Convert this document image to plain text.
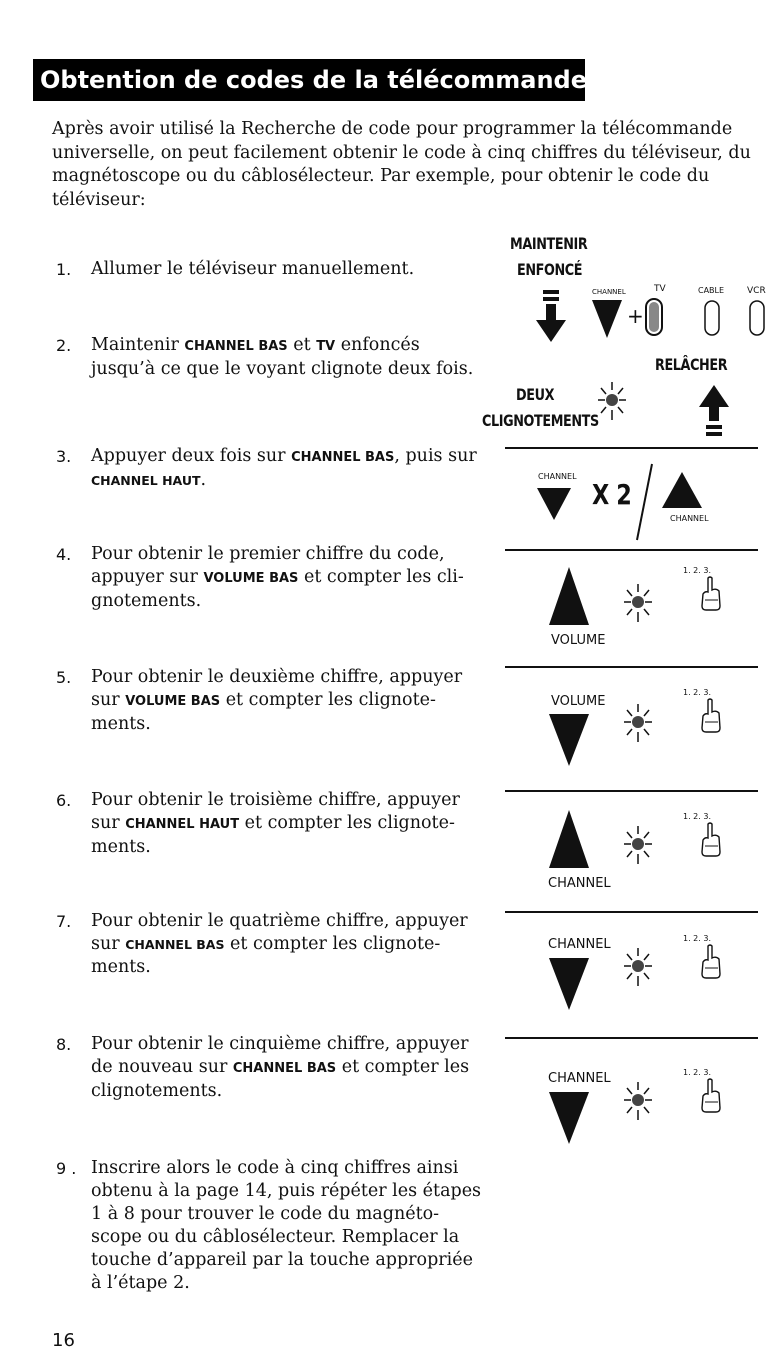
Obtention de codes de la télécommande

Après avoir utilisé la Recherche de code pour programmer la télécommande universelle, on peut facilement obtenir le code à cinq chiffres du téléviseur, du magnétoscope ou du câblosélecteur. Par exemple, pour obtenir le code du téléviseur:

1. Allumer le téléviseur manuellement.
2. Maintenir CHANNEL BAS et TV enfoncés jusqu’à ce que le voyant clignote deux fois.
3. Appuyer deux fois sur CHANNEL BAS, puis sur CHANNEL HAUT.
4. Pour obtenir le premier chiffre du code, appuyer sur VOLUME BAS et compter les clignotements.
5. Pour obtenir le deuxième chiffre, appuyer sur VOLUME BAS et compter les clignotements.
6. Pour obtenir le troisième chiffre, appuyer sur CHANNEL HAUT et compter les clignotements.
7. Pour obtenir le quatrième chiffre, appuyer sur CHANNEL BAS et compter les clignotements.
8. Pour obtenir le cinquième chiffre, appuyer de nouveau sur CHANNEL BAS et compter les clignotements.
9 . Inscrire alors le code à cinq chiffres ainsi obtenu à la page 14, puis répéter les étapes 1 à 8 pour trouver le code du magnétoscope ou du câblosélecteur. Remplacer la touche d’appareil par la touche appropriée à l’étape 2.
MAINTENIR
ENFONCÉ
CHANNEL	TV	CABLE	VCR
+
RELÂCHER
DEUX
CLIGNOTEMENTS
CHANNEL
X 2
CHANNEL
VOLUME
1. 2. 3.
VOLUME
1. 2. 3.
CHANNEL
1. 2. 3.
CHANNEL	1. 2. 3.
CHANNEL	1. 2. 3.
16
